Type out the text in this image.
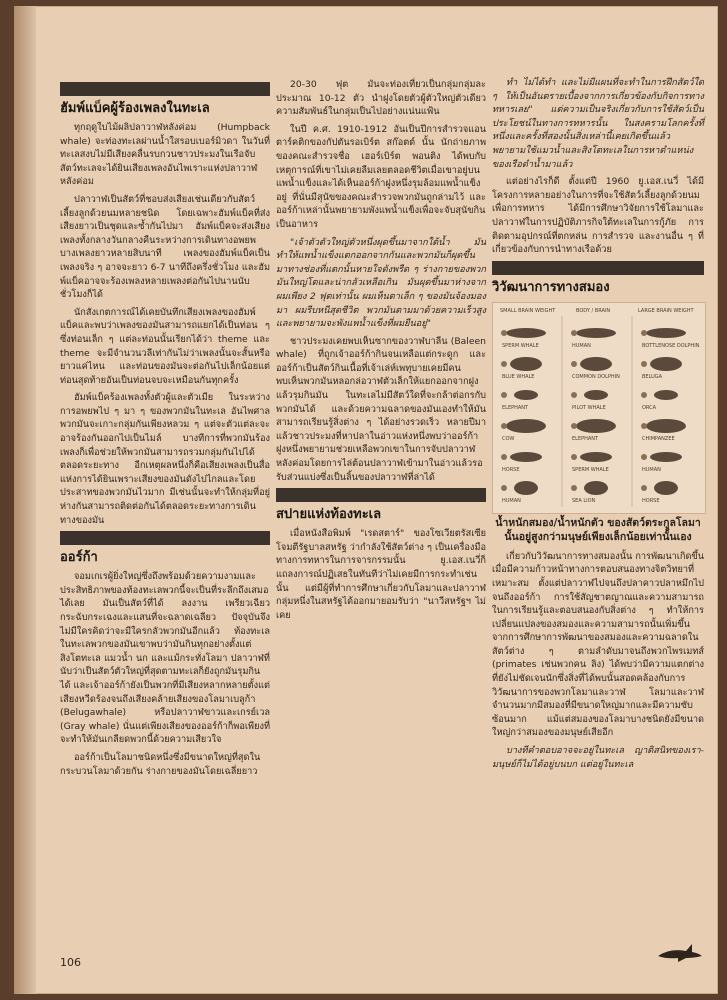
ฮัมพ์แบ็คผู้ร้องเพลงในทะเล

ทุกฤดูใบไม้ผลิปลาวาฬหลังค่อม (Humpback whale) จะท่องทะเลผ่านน้ำใสรอบเบอร์มิวดา ในวันที่ทะเลสงบไม่มีเสียงคลื่นรบกวนชาวประมงในเรือจับสัตว์ทะเลจะได้ยินเสียงเพลงอันไพเราะแห่งปลาวาฬหลังค่อม

ปลาวาฬเป็นสัตว์ที่ชอบส่งเสียงเช่นเดียวกับสัตว์เลี้ยงลูกด้วยนมหลายชนิด โดยเฉพาะฮัมพ์แบ็คที่ส่งเสียงยาวเป็นชุดและซ้ำกันไปมา ฮัมพ์แบ็คจะส่งเสียงเพลงทั้งกลางวันกลางคืนระหว่างการเดินทางอพยพ บางเพลงยาวหลายสิบนาที เพลงของฮัมพ์แบ็คเป็นเพลงจริง ๆ อาจจะยาว 6-7 นาทีถึงครึ่งชั่วโมง และฮัมพ์แบ็คอาจจะร้องเพลงหลายเพลงต่อกันไปนานนับชั่วโมงก็ได้

นักสังเกตการณ์ได้เคยบันทึกเสียงเพลงของฮัมพ์แบ็คและพบว่าเพลงของมันสามารถแยกได้เป็นท่อน ๆ ซึ่งท่อนเล็ก ๆ แต่ละท่อนนั้นเรียกได้ว่า theme และ theme จะมีจำนวนวลีเท่ากันไม่ว่าเพลงนั้นจะสั้นหรือยาวแค่ไหน และท่อนของมันจะต่อกันไปเล็กน้อยแต่ท่อนสุดท้ายอันเป็นท่อนจบจะเหมือนกันทุกครั้ง

ฮัมพ์แบ็คร้องเพลงทั้งตัวผู้และตัวเมีย ในระหว่างการอพยพไป ๆ มา ๆ ของพวกมันในทะเล อันไพศาลพวกมันจะเกาะกลุ่มกันเพียงหลวม ๆ แต่จะตัวแต่ละจะอาจร้องกันออกไปเป็นไมล์ บางทีการที่พวกมันร้องเพลงก็เพื่อช่วยให้พวกมันสามารถรวมกลุ่มกันไปได้ตลอดระยะทาง อีกเหตุผลหนึ่งก็คือเสียงเพลงเป็นสื่อแห่งการได้ยินเพราะเสียงของมันดังไปไกลและโดยประสาทของพวกมันไวมาก มีเช่นนั้นจะทำให้กลุ่มที่อยู่ห่างกันสามารถติดต่อกันได้ตลอดระยะทางการเดินทางของมัน

ออร์ก้า

จอมเกเรผู้ยิ่งใหญ่ซึ่งถึงพร้อมด้วยความงามและประสิทธิภาพของท้องทะเลพวกนี้จะเป็นที่ระลึกถึงเสมอได้เลย มันเป็นสัตว์ที่ได้ ลงงาน เพรียวเฉียว กระฉับกระเฉงและแสนที่จะฉลาดเฉลียว ปัจจุบันจึงไม่มีใครคิดว่าจะมีใครกลัวพวกมันอีกแล้ว ท้องทะเล ในทะเลพวกของมันเขาพบว่ามันกินทุกอย่างตั้งแต่สิงโตทะเล แมวน้ำ นก และแม้กระทั่งโลมา ปลาวาฬที่นับว่าเป็นสัตว์ตัวใหญ่ที่สุดตามทะเลก็ยังถูกมันรุมกินได้ และเจ้าออร์ก้ายังเป็นพวกที่มีเสียงหลากหลายตั้งแต่เสียงหวีดร้องจนถึงเสียงคล้ายเสียงของโลมาเบลูก้า (Belugawhale) หรือปลาวาฬขาวและเกรย์เวล (Gray whale) นั่นแต่เพียงเสียงของออร์ก้าก็พอเพียงที่จะทำให้มันเกลียดพวกนี้ด้วยความเสียวใจ

ออร์ก้าเป็นโลมาชนิดหนึ่งซึ่งมีขนาดใหญ่ที่สุดในกระบวนโลมาด้วยกัน ร่างกายของมันโดยเฉลี่ยยาว

20-30 ฟุต มันจะท่องเที่ยวเป็นกลุ่มกลุ่มละประมาณ 10-12 ตัว นำฝูงโดยตัวผู้ตัวใหญ่ตัวเดียว ความสัมพันธ์ในกลุ่มเป็นไปอย่างแน่นแฟ้น

ในปี ค.ศ. 1910-1912 อันเป็นปีการสำรวจแอนตาร์คติกของกัปตันรอเบิร์ต สก๊อตต์ นั้น นักถ่ายภาพของคณะสำรวจชื่อ เฮอร์เบิร์ต พอนติง ได้พบกับเหตุการณ์ที่เขาไม่เคยลืมเลยตลอดชีวิตเมื่อเขาอยู่บนแพน้ำแข็งและได้เห็นออร์ก้าฝูงหนึ่งรุมล้อมแพน้ำแข็งอยู่ ที่นั่นมีสุนัขของคณะสำรวจพวกมันถูกล่ามไว้ และออร์ก้าเหล่านั้นพยายามพังแพน้ำแข็งเพื่อจะจับสุนัขกินเป็นอาหาร

"เจ้าตัวตัวใหญ่ตัวหนึ่งผุดขึ้นมาจากใต้น้ำ มันทำให้แพน้ำแข็งแตกออกจากกันและพวกมันก็ผุดขึ้นมาทางช่องที่แตกนั้นหายใจดังพรืด ๆ ร่างกายของพวกมันใหญ่โตและน่ากลัวเหลือเกิน มันผุดขึ้นมาห่างจากผมเพียง 2 ฟุตเท่านั้น ผมเห็นตาเล็ก ๆ ของมันจ้องมองมา ผมรีบหนีสุดชีวิต พวกมันตามมาด้วยความเร็วสูงและพยายามจะพังแพน้ำแข็งที่ผมยืนอยู่"

ชาวประมงเคยพบเห็นซากของวาฬบาลีน (Baleen whale) ที่ถูกเจ้าออร์ก้ากินจนเหลือแต่กระดูก และออร์ก้าเป็นสัตว์กินเนื้อที่เจ้าเล่ห์เพทุบายเคยมีคนพบเห็นพวกมันหลอกล่อวาฬตัวเล็กให้แยกออกจากฝูงแล้วรุมกินมัน ในทะเลไม่มีสัตว์ใดที่จะกล้าต่อกรกับพวกมันได้ และด้วยความฉลาดของมันเองทำให้มันสามารถเรียนรู้สิ่งต่าง ๆ ได้อย่างรวดเร็ว หลายปีมาแล้วชาวประมงที่หาปลาในอ่าวแห่งหนึ่งพบว่าออร์ก้าฝูงหนึ่งพยายามช่วยเหลือพวกเขาในการจับปลาวาฬหลังค่อมโดยการไล่ต้อนปลาวาฬเข้ามาในอ่าวแล้วรอรับส่วนแบ่งซึ่งเป็นลิ้นของปลาวาฬที่ล่าได้

สปายแห่งท้องทะเล

เมื่อหนังสือพิมพ์ "เรดสตาร์" ของโซเวียตรัสเซียโจมตีรัฐบาลสหรัฐ ว่ากำลังใช้สัตว์ต่าง ๆ เป็นเครื่องมือทางการทหารในการจารกรรมนั้น ยู.เอส.เนวี่ก็แถลงการณ์ปฏิเสธในทันทีว่าไม่เคยมีการกระทำเช่นนั้น แต่มีผู้ที่ทำการศึกษาเกี่ยวกับโลมาและปลาวาฬกลุ่มหนึ่งในสหรัฐได้ออกมายอมรับว่า "นาวีสหรัฐฯ ไม่เคย

ทำ ไม่ได้ทำ และไม่มีแผนที่จะทำในการฝึกสัตว์ใด ๆ ให้เป็นอันตรายเบื้องจากการเกี่ยวข้องกับกิจการทางทหารเลย" แต่ความเป็นจริงเกี่ยวกับการใช้สัตว์เป็นประโยชน์ในทางการทหารนั้น ในสงครามโลกครั้งที่หนึ่งและครั้งที่สองนั้นสิ่งเหล่านี้เคยเกิดขึ้นแล้ว พยายามใช้แมวน้ำและสิงโตทะเลในการหาตำแหน่งของเรือดำน้ำมาแล้ว

แต่อย่างไรก็ดี ตั้งแต่ปี 1960 ยู.เอส.เนวี่ ได้มีโครงการหลายอย่างในการที่จะใช้สัตว์เลี้ยงลูกด้วยนมเพื่อการทหาร ได้มีการศึกษาวิจัยการใช้โลมาและปลาวาฬในการปฏิบัติภารกิจใต้ทะเลในการกู้ภัย การติดตามอุปกรณ์ที่ตกหล่น การสำรวจ และงานอื่น ๆ ที่เกี่ยวข้องกับการนำทางเรือด้วย

วิวัฒนาการทางสมอง
SMALL BRAIN WEIGHT	BODY / BRAIN	LARGE BRAIN WEIGHT
SPERM WHALE	HUMAN	BOTTLENOSE DOLPHIN
BLUE WHALE	COMMON DOLPHIN	BELUGA
ELEPHANT	PILOT WHALE	ORCA
COW	ELEPHANT	CHIMPANZEE
HORSE	SPERM WHALE	HUMAN
HUMAN	SEA LION	HORSE
น้ำหนักสมอง/น้ำหนักตัว ของสัตว์ตระกูลโลมานั้นอยู่สูงกว่ามนุษย์เพียงเล็กน้อยเท่านั้นเอง

เกี่ยวกับวิวัฒนาการทางสมองนั้น การพัฒนาเกิดขึ้นเมื่อมีความก้าวหน้าทางการตอบสนองทางจิตวิทยาที่เหมาะสม ตั้งแต่ปลาวาฬไปจนถึงปลาคาวปลาหมึกไปจนถึงออร์ก้า การใช้สัญชาตญาณและความสามารถในการเรียนรู้และตอบสนองกับสิ่งต่าง ๆ ทำให้การเปลี่ยนแปลงของสมองและความสามารถนั้นเพิ่มขึ้น จากการศึกษาการพัฒนาของสมองและความฉลาดในสัตว์ต่าง ๆ ตามลำดับมาจนถึงพวกไพรเมทส์ (primates เช่นพวกคน ลิง) ได้พบว่ามีความแตกต่างที่ยังไม่ชัดเจนนักซึ่งสิ่งที่ได้พบนั้นสอดคล้องกับการวิวัฒนาการของพวกโลมาและวาฬ โลมาและวาฬจำนวนมากมีสมองที่มีขนาดใหญ่มากและมีความซับซ้อนมาก แม้แต่สมองของโลมาบางชนิดยังมีขนาดใหญ่กว่าสมองของมนุษย์เสียอีก

บางทีคำตอบอาจจะอยู่ในทะเล ญาติสนิทของเรา-มนุษย์ก็ไม่ได้อยู่บนบก แต่อยู่ในทะเล

106
